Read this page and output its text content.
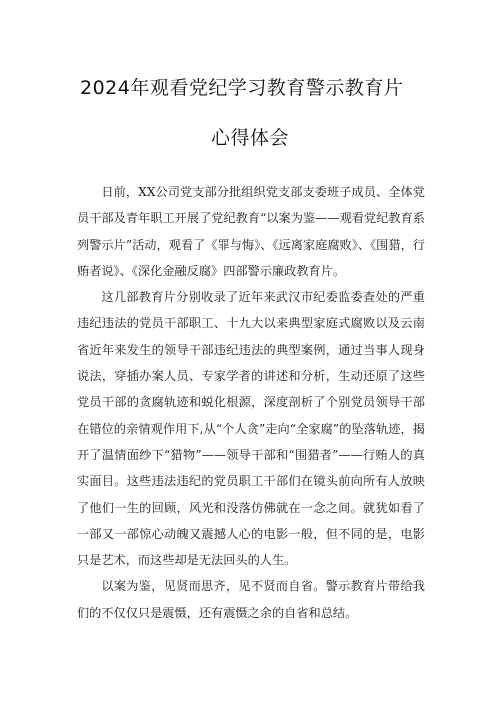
2024年观看党纪学习教育警示教育片
心得体会

日前，XX公司党支部分批组织党支部支委班子成员、全体党员干部及青年职工开展了党纪教育“以案为鉴——观看党纪教育系列警示片”活动，观看了《罪与悔》、《远离家庭腐败》、《围猎，行贿者说》、《深化金融反腐》四部警示廉政教育片。

这几部教育片分别收录了近年来武汉市纪委监委查处的严重违纪违法的党员干部职工、十九大以来典型家庭式腐败以及云南省近年来发生的领导干部违纪违法的典型案例，通过当事人现身说法，穿插办案人员、专家学者的讲述和分析，生动还原了这些党员干部的贪腐轨迹和蜕化根源，深度剖析了个别党员领导干部在错位的亲情观作用下,从“个人贪”走向“全家腐”的坠落轨迹，揭开了温情面纱下“猎物”——领导干部和“围猎者”——行贿人的真实面目。这些违法违纪的党员职工干部们在镜头前向所有人放映了他们一生的回顾，风光和没落仿佛就在一念之间。就犹如看了一部又一部惊心动魄又震撼人心的电影一般，但不同的是，电影只是艺术，而这些却是无法回头的人生。

以案为鉴，见贤而思齐，见不贤而自省。警示教育片带给我们的不仅仅只是震慑，还有震慑之余的自省和总结。
